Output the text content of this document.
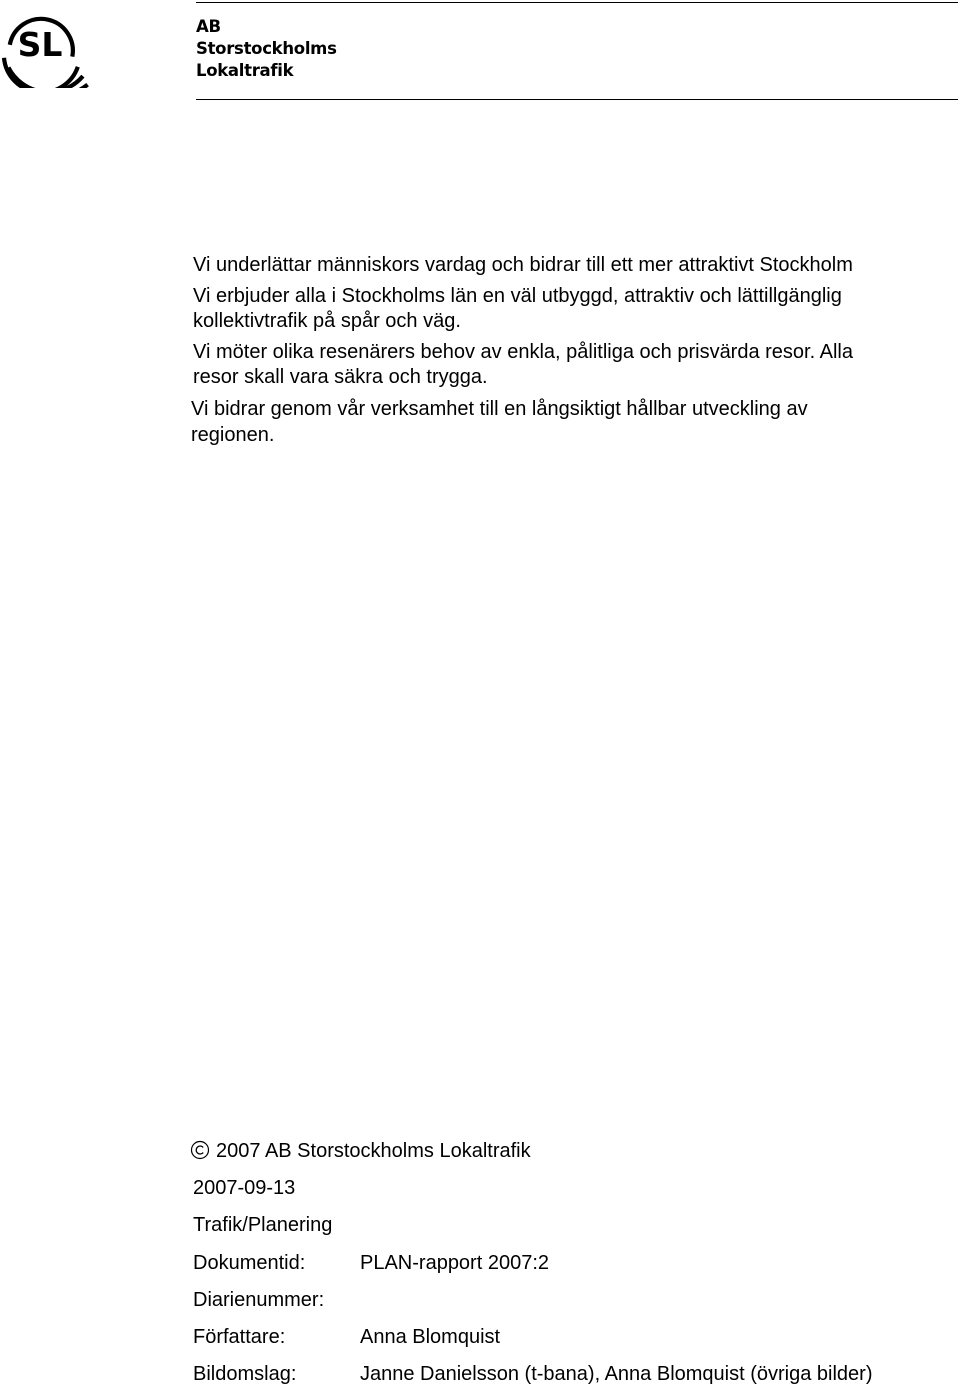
SL	AB
Storstockholms
Lokaltrafik
Vi underlättar människors vardag och bidrar till ett mer attraktivt Stockholm
Vi erbjuder alla i Stockholms län en väl utbyggd, attraktiv och lättillgänglig
kollektivtrafik på spår och väg.
Vi möter olika resenärers behov av enkla, pålitliga och prisvärda resor. Alla
resor skall vara säkra och trygga.
Vi bidrar genom vår verksamhet till en långsiktigt hållbar utveckling av
regionen.
2007 AB Storstockholms Lokaltrafik
2007-09-13
Trafik/Planering
Dokumentid:	PLAN-rapport 2007:2
Diarienummer:
Författare:	Anna Blomquist
Bildomslag:	Janne Danielsson (t-bana), Anna Blomquist (övriga bilder)
